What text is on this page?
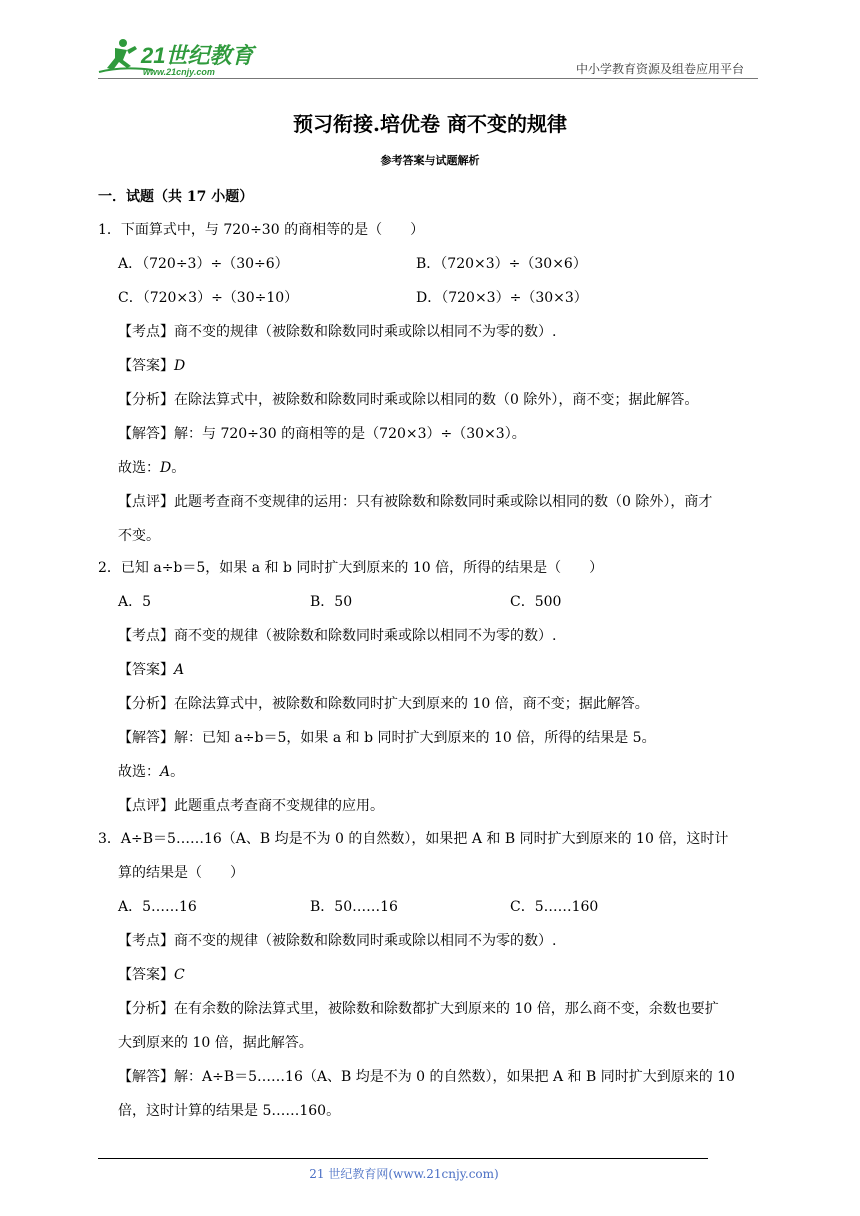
21世纪教育
www.21cnjy.com	中小学教育资源及组卷应用平台
预习衔接.培优卷 商不变的规律
参考答案与试题解析
一．试题（共 17 小题）
1．下面算式中，与 720÷30 的商相等的是（　　）
A．（720÷3）÷（30÷6）	B．（720×3）÷（30×6）
C．（720×3）÷（30÷10）	D．（720×3）÷（30×3）
【考点】商不变的规律（被除数和除数同时乘或除以相同不为零的数）.
【答案】D
【分析】在除法算式中，被除数和除数同时乘或除以相同的数（0 除外），商不变；据此解答。
【解答】解：与 720÷30 的商相等的是（720×3）÷（30×3）。
故选：D。
【点评】此题考查商不变规律的运用：只有被除数和除数同时乘或除以相同的数（0 除外），商才
不变。
2．已知 a÷b＝5，如果 a 和 b 同时扩大到原来的 10 倍，所得的结果是（　　）
A．5	B．50	C．500
【考点】商不变的规律（被除数和除数同时乘或除以相同不为零的数）.
【答案】A
【分析】在除法算式中，被除数和除数同时扩大到原来的 10 倍，商不变；据此解答。
【解答】解：已知 a÷b＝5，如果 a 和 b 同时扩大到原来的 10 倍，所得的结果是 5。
故选：A。
【点评】此题重点考查商不变规律的应用。
3．A÷B＝5……16（A、B 均是不为 0 的自然数），如果把 A 和 B 同时扩大到原来的 10 倍，这时计
算的结果是（　　）
A．5……16	B．50……16	C．5……160
【考点】商不变的规律（被除数和除数同时乘或除以相同不为零的数）.
【答案】C
【分析】在有余数的除法算式里，被除数和除数都扩大到原来的 10 倍，那么商不变，余数也要扩
大到原来的 10 倍，据此解答。
【解答】解：A÷B＝5……16（A、B 均是不为 0 的自然数），如果把 A 和 B 同时扩大到原来的 10
倍，这时计算的结果是 5……160。
21 世纪教育网(www.21cnjy.com)
